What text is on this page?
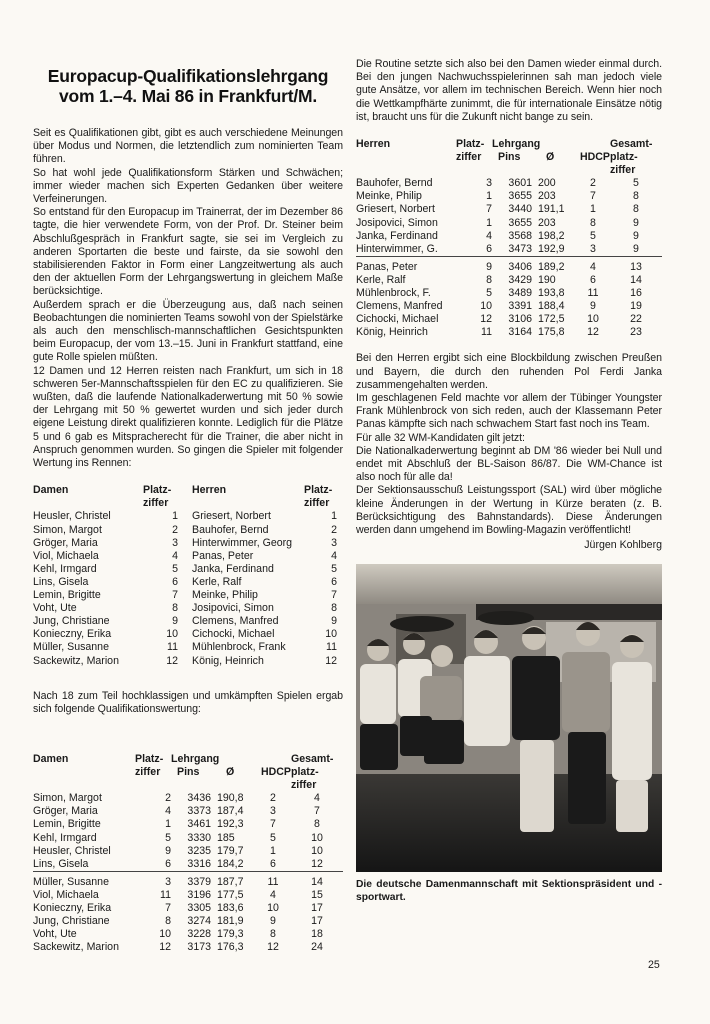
Europacup-Qualifikationslehrgang
vom 1.–4. Mai 86 in Frankfurt/M.

Seit es Qualifikationen gibt, gibt es auch verschiedene Meinungen über Modus und Normen, die letztendlich zum nominierten Team führen.

So hat wohl jede Qualifikationsform Stärken und Schwächen; immer wieder machen sich Experten Gedanken über weitere Verfeinerungen.

So entstand für den Europacup im Trainerrat, der im Dezember 86 tagte, die hier verwendete Form, von der Prof. Dr. Steiner beim Abschlußgespräch in Frankfurt sagte, sie sei im Vergleich zu anderen Sportarten die beste und fairste, da sie sowohl den stabilisierenden Faktor in Form einer Langzeitwertung als auch den der aktuellen Form der Lehrgangswertung in gleichem Maße berücksichtige.

Außerdem sprach er die Überzeugung aus, daß nach seinen Beobachtungen die nominierten Teams sowohl von der Spielstärke als auch den menschlisch-mannschaftlichen Gesichtspunkten beim Europacup, der vom 13.–15. Juni in Frankfurt stattfand, eine gute Rolle spielen müßten.

12 Damen und 12 Herren reisten nach Frankfurt, um sich in 18 schweren 5er-Mannschaftsspielen für den EC zu qualifizieren. Sie wußten, daß die laufende Nationalkaderwertung mit 50 % sowie der Lehrgang mit 50 % gewertet wurden und sich jeder durch eigene Leistung direkt qualifizieren konnte. Lediglich für die Plätze 5 und 6 gab es Mitspracherecht für die Trainer, die aber nicht in Anspruch genommen wurden. So gingen die Spieler mit folgender Wertung ins Rennen:

Damen	Platz-
ziffer	Herren	Platz-
ziffer
Heusler, Christel	1	Griesert, Norbert	1
Simon, Margot	2	Bauhofer, Bernd	2
Gröger, Maria	3	Hinterwimmer, Georg	3
Viol, Michaela	4	Panas, Peter	4
Kehl, Irmgard	5	Janka, Ferdinand	5
Lins, Gisela	6	Kerle, Ralf	6
Lemin, Brigitte	7	Meinke, Philip	7
Voht, Ute	8	Josipovici, Simon	8
Jung, Christiane	9	Clemens, Manfred	9
Konieczny, Erika	10	Cichocki, Michael	10
Müller, Susanne	11	Mühlenbrock, Frank	11
Sackewitz, Marion	12	König, Heinrich	12

Nach 18 zum Teil hochklassigen und umkämpften Spielen ergab sich folgende Qualifikationswertung:

Damen	Platz-
ziffer	Lehrgang
Pins Ø HDCP			Gesamt-
platz-
ziffer
Simon, Margot	2	3436	190,8	2	4
Gröger, Maria	4	3373	187,4	3	7
Lemin, Brigitte	1	3461	192,3	7	8
Kehl, Irmgard	5	3330	185	5	10
Heusler, Christel	9	3235	179,7	1	10
Lins, Gisela	6	3316	184,2	6	12

Müller, Susanne	3	3379	187,7	11	14
Viol, Michaela	11	3196	177,5	4	15
Konieczny, Erika	7	3305	183,6	10	17
Jung, Christiane	8	3274	181,9	9	17
Voht, Ute	10	3228	179,3	8	18
Sackewitz, Marion	12	3173	176,3	12	24

Die Routine setzte sich also bei den Damen wieder einmal durch. Bei den jungen Nachwuchsspielerinnen sah man jedoch viele gute Ansätze, vor allem im technischen Bereich. Wenn hier noch die Wettkampfhärte zunimmt, die für internationale Einsätze nötig ist, braucht uns für die Zukunft nicht bange zu sein.

Herren	Platz-
ziffer	Lehrgang
Pins Ø HDCP			Gesamt-
platz-
ziffer
Bauhofer, Bernd	3	3601	200	2	5
Meinke, Philip	1	3655	203	7	8
Griesert, Norbert	7	3440	191,1	1	8
Josipovici, Simon	1	3655	203	8	9
Janka, Ferdinand	4	3568	198,2	5	9
Hinterwimmer, G.	6	3473	192,9	3	9

Panas, Peter	9	3406	189,2	4	13
Kerle, Ralf	8	3429	190	6	14
Mühlenbrock, F.	5	3489	193,8	11	16
Clemens, Manfred	10	3391	188,4	9	19
Cichocki, Michael	12	3106	172,5	10	22
König, Heinrich	11	3164	175,8	12	23

Bei den Herren ergibt sich eine Blockbildung zwischen Preußen und Bayern, die durch den ruhenden Pol Ferdi Janka zusammengehalten werden.

Im geschlagenen Feld machte vor allem der Tübinger Youngster Frank Mühlenbrock von sich reden, auch der Klassemann Peter Panas kämpfte sich nach schwachem Start fast noch ins Team.

Für alle 32 WM-Kandidaten gilt jetzt:

Die Nationalkaderwertung beginnt ab DM '86 wieder bei Null und endet mit Abschluß der BL-Saison 86/87. Die WM-Chance ist also noch für alle da!

Der Sektionsausschuß Leistungssport (SAL) wird über mögliche kleine Änderungen in der Wertung in Kürze beraten (z. B. Berücksichtigung des Bahnstandards). Diese Änderungen werden dann umgehend im Bowling-Magazin veröffentlicht!

Jürgen Kohlberg
Die deutsche Damenmannschaft mit Sektionspräsident und -sportwart.
25
